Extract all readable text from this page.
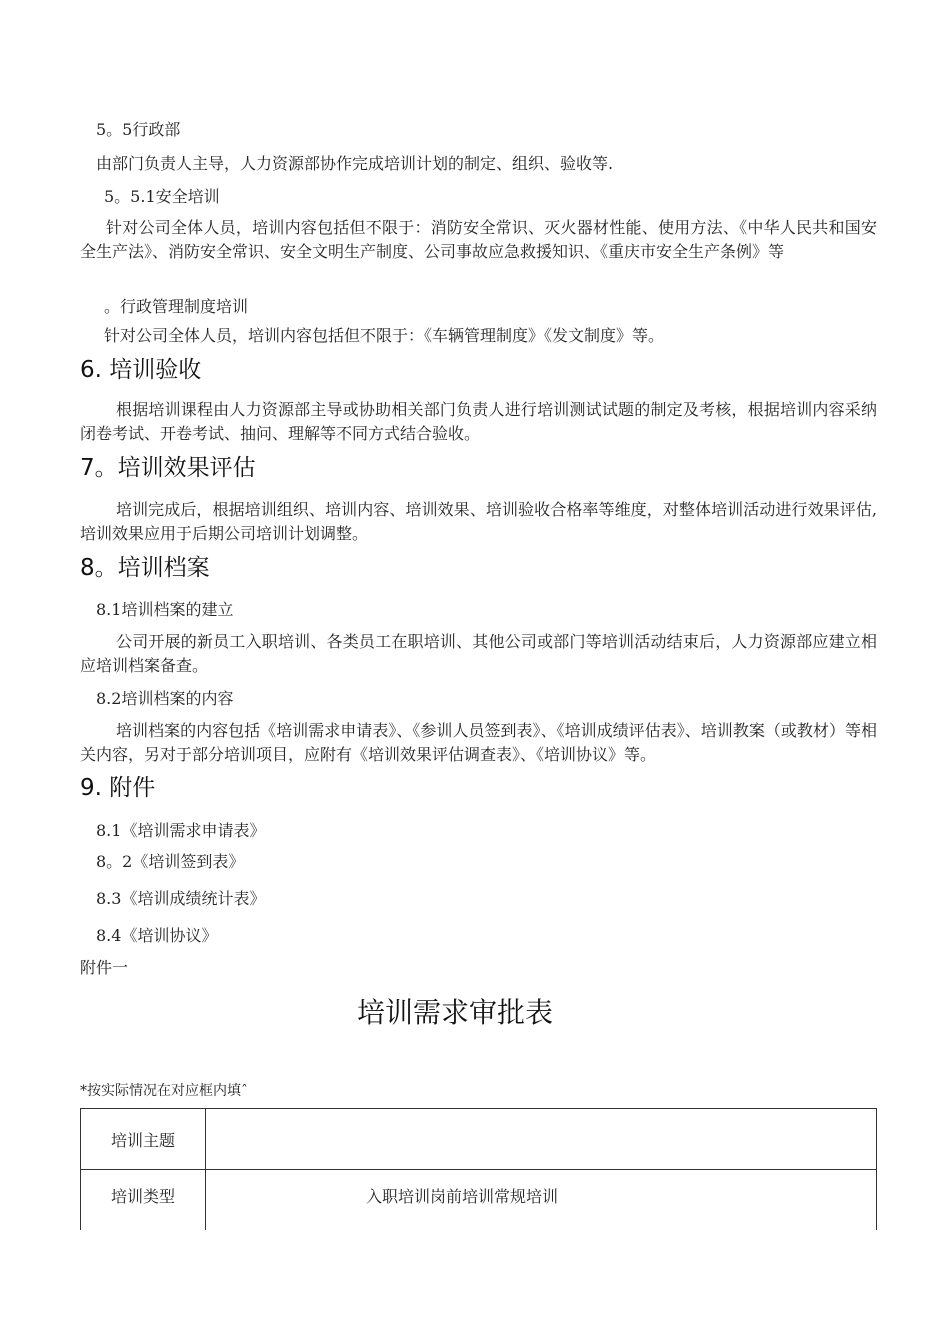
5。5行政部
由部门负责人主导，人力资源部协作完成培训计划的制定、组织、验收等.
5。5.1安全培训
针对公司全体人员，培训内容包括但不限于：消防安全常识、灭火器材性能、使用方法、《中华人民共和国安全生产法》、消防安全常识、安全文明生产制度、公司事故应急救援知识、《重庆市安全生产条例》等
。行政管理制度培训
针对公司全体人员，培训内容包括但不限于：《车辆管理制度》《发文制度》等。
6. 培训验收
根据培训课程由人力资源部主导或协助相关部门负责人进行培训测试试题的制定及考核，根据培训内容采纳闭卷考试、开卷考试、抽问、理解等不同方式结合验收。
7。培训效果评估
培训完成后，根据培训组织、培训内容、培训效果、培训验收合格率等维度，对整体培训活动进行效果评估,培训效果应用于后期公司培训计划调整。
8。培训档案
8.1培训档案的建立
公司开展的新员工入职培训、各类员工在职培训、其他公司或部门等培训活动结束后，人力资源部应建立相应培训档案备查。
8.2培训档案的内容
培训档案的内容包括《培训需求申请表》、《参训人员签到表》、《培训成绩评估表》、培训教案（或教材）等相关内容，另对于部分培训项目，应附有《培训效果评估调查表》、《培训协议》等。
9. 附件
8.1《培训需求申请表》
8。2《培训签到表》
8.3《培训成绩统计表》
8.4《培训协议》
附件一
培训需求审批表
*按实际情况在对应框内填ˆ
培训主题	
培训类型	入职培训岗前培训常规培训
